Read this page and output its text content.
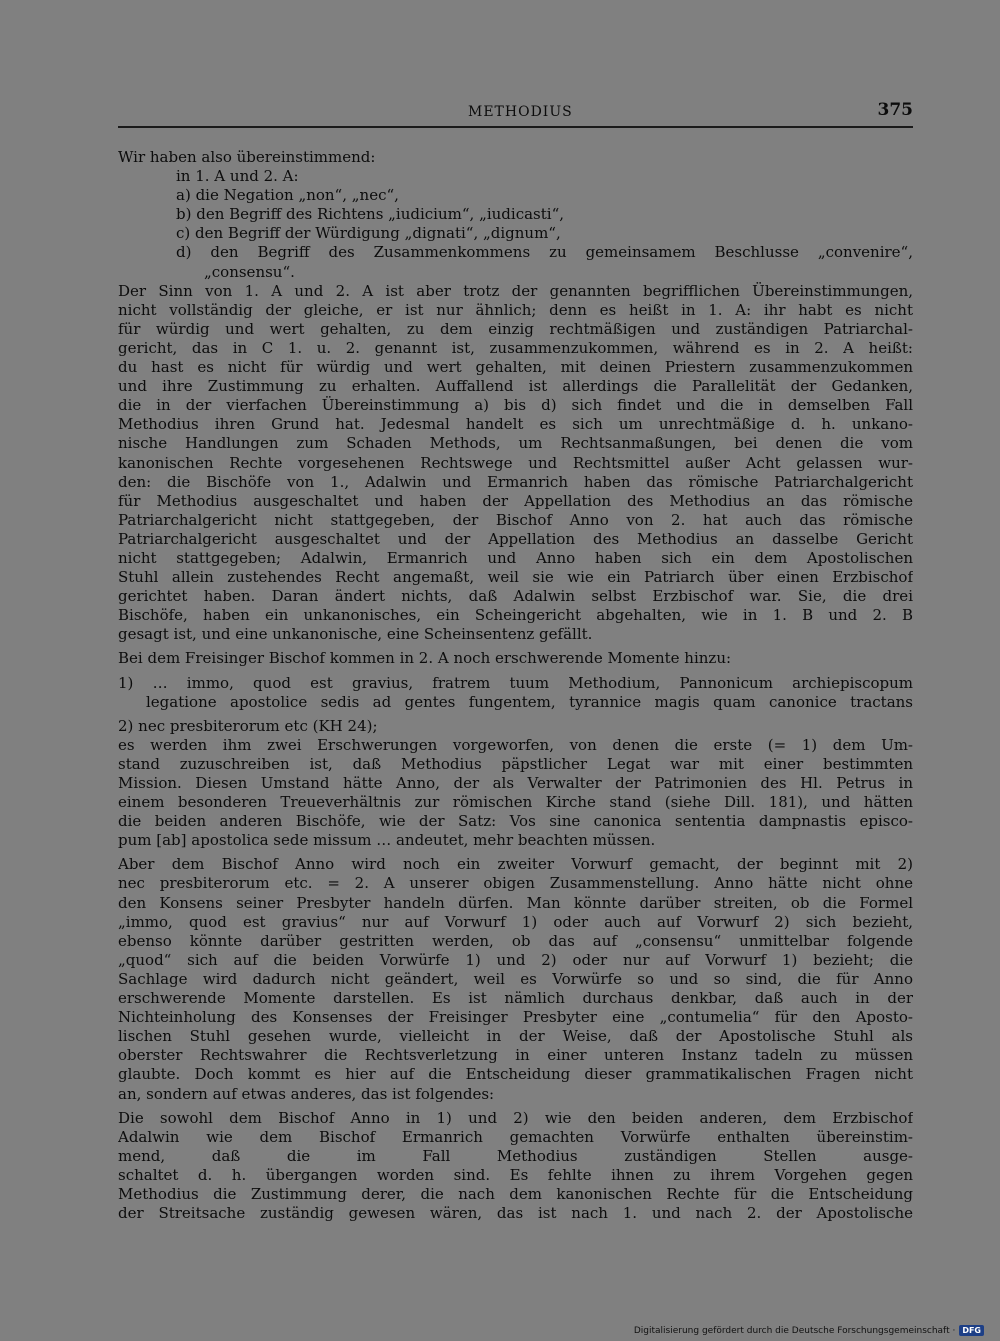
METHODIUS	375
Wir haben also übereinstimmend:
in 1. A und 2. A:
a) die Negation „non“, „nec“,
b) den Begriff des Richtens „iudicium“, „iudicasti“,
c) den Begriff der Würdigung „dignati“, „dignum“,
d) den Begriff des Zusammenkommens zu gemeinsamem Beschlusse „convenire“,
„consensu“.
Der Sinn von 1. A und 2. A ist aber trotz der genannten begrifflichen Übereinstimmungen,
nicht vollständig der gleiche, er ist nur ähnlich; denn es heißt in 1. A: ihr habt es nicht
für würdig und wert gehalten, zu dem einzig rechtmäßigen und zuständigen Patriarchal-
gericht, das in C 1. u. 2. genannt ist, zusammenzukommen, während es in 2. A heißt:
du hast es nicht für würdig und wert gehalten, mit deinen Priestern zusammenzukommen
und ihre Zustimmung zu erhalten. Auffallend ist allerdings die Parallelität der Gedanken,
die in der vierfachen Übereinstimmung a) bis d) sich findet und die in demselben Fall
Methodius ihren Grund hat. Jedesmal handelt es sich um unrechtmäßige d. h. unkano-
nische Handlungen zum Schaden Methods, um Rechtsanmaßungen, bei denen die vom
kanonischen Rechte vorgesehenen Rechtswege und Rechtsmittel außer Acht gelassen wur-
den: die Bischöfe von 1., Adalwin und Ermanrich haben das römische Patriarchalgericht
für Methodius ausgeschaltet und haben der Appellation des Methodius an das römische
Patriarchalgericht nicht stattgegeben, der Bischof Anno von 2. hat auch das römische
Patriarchalgericht ausgeschaltet und der Appellation des Methodius an dasselbe Gericht
nicht stattgegeben; Adalwin, Ermanrich und Anno haben sich ein dem Apostolischen
Stuhl allein zustehendes Recht angemaßt, weil sie wie ein Patriarch über einen Erzbischof
gerichtet haben. Daran ändert nichts, daß Adalwin selbst Erzbischof war. Sie, die drei
Bischöfe, haben ein unkanonisches, ein Scheingericht abgehalten, wie in 1. B und 2. B
gesagt ist, und eine unkanonische, eine Scheinsentenz gefällt.
Bei dem Freisinger Bischof kommen in 2. A noch erschwerende Momente hinzu:
1) … immo, quod est gravius, fratrem tuum Methodium, Pannonicum archiepiscopum
legatione apostolice sedis ad gentes fungentem, tyrannice magis quam canonice tractans
2) nec presbiterorum etc (KH 24);
es werden ihm zwei Erschwerungen vorgeworfen, von denen die erste (= 1) dem Um-
stand zuzuschreiben ist, daß Methodius päpstlicher Legat war mit einer bestimmten
Mission. Diesen Umstand hätte Anno, der als Verwalter der Patrimonien des Hl. Petrus in
einem besonderen Treueverhältnis zur römischen Kirche stand (siehe Dill. 181), und hätten
die beiden anderen Bischöfe, wie der Satz: Vos sine canonica sententia dampnastis episco-
pum [ab] apostolica sede missum … andeutet, mehr beachten müssen.
Aber dem Bischof Anno wird noch ein zweiter Vorwurf gemacht, der beginnt mit 2)
nec presbiterorum etc. = 2. A unserer obigen Zusammenstellung. Anno hätte nicht ohne
den Konsens seiner Presbyter handeln dürfen. Man könnte darüber streiten, ob die Formel
„immo, quod est gravius“ nur auf Vorwurf 1) oder auch auf Vorwurf 2) sich bezieht,
ebenso könnte darüber gestritten werden, ob das auf „consensu“ unmittelbar folgende
„quod“ sich auf die beiden Vorwürfe 1) und 2) oder nur auf Vorwurf 1) bezieht; die
Sachlage wird dadurch nicht geändert, weil es Vorwürfe so und so sind, die für Anno
erschwerende Momente darstellen. Es ist nämlich durchaus denkbar, daß auch in der
Nichteinholung des Konsenses der Freisinger Presbyter eine „contumelia“ für den Aposto-
lischen Stuhl gesehen wurde, vielleicht in der Weise, daß der Apostolische Stuhl als
oberster Rechtswahrer die Rechtsverletzung in einer unteren Instanz tadeln zu müssen
glaubte. Doch kommt es hier auf die Entscheidung dieser grammatikalischen Fragen nicht
an, sondern auf etwas anderes, das ist folgendes:
Die sowohl dem Bischof Anno in 1) und 2) wie den beiden anderen, dem Erzbischof
Adalwin wie dem Bischof Ermanrich gemachten Vorwürfe enthalten übereinstim-
mend, daß die im Fall Methodius zuständigen Stellen ausge-
schaltet d. h. übergangen worden sind. Es fehlte ihnen zu ihrem Vorgehen gegen
Methodius die Zustimmung derer, die nach dem kanonischen Rechte für die Entscheidung
der Streitsache zuständig gewesen wären, das ist nach 1. und nach 2. der Apostolische
Digitalisierung gefördert durch die Deutsche Forschungsgemeinschaft · DFG
